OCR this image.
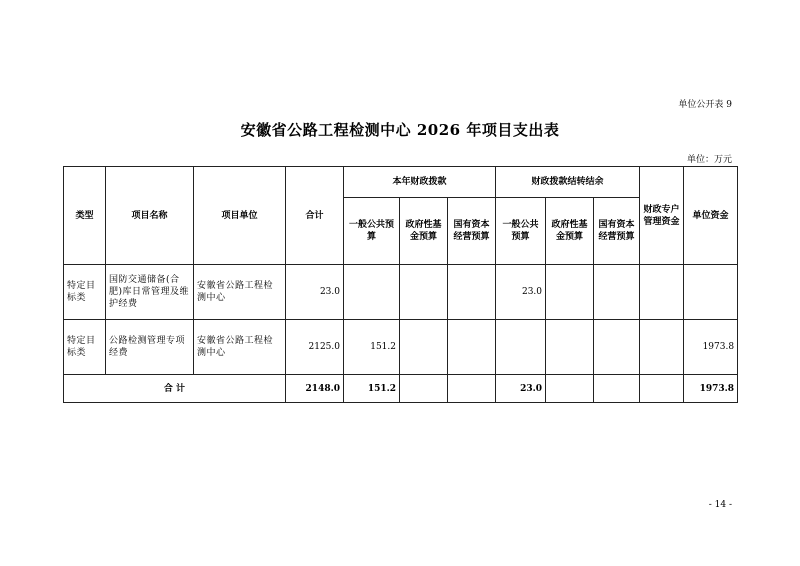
单位公开表 9
安徽省公路工程检测中心 2026 年项目支出表
单位：万元
类型	项目名称	项目单位	合计	本年财政拨款			财政拨款结转结余			财政专户管理资金	单位资金
				一般公共预算	政府性基金预算	国有资本经营预算	一般公共预算	政府性基金预算	国有资本经营预算		
特定目标类	国防交通储备(合肥)库日常管理及维护经费	安徽省公路工程检测中心	23.0				23.0				
特定目标类	公路检测管理专项经费	安徽省公路工程检测中心	2125.0	151.2							1973.8
合 计			2148.0	151.2			23.0				1973.8
- 14 -
